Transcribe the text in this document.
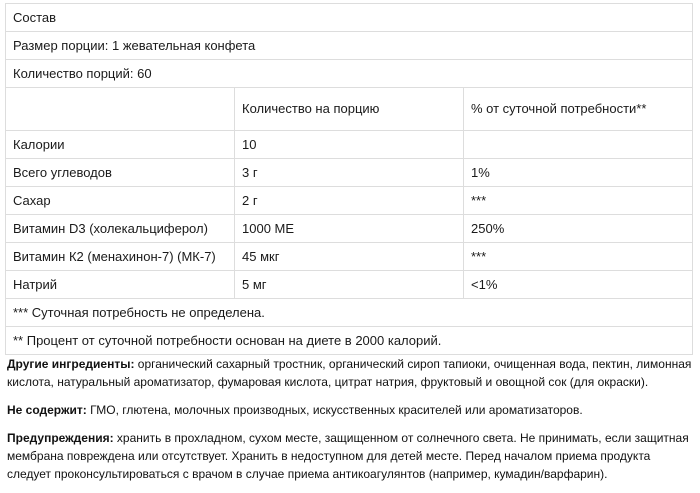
Состав		
Размер порции: 1 жевательная конфета		
Количество порций: 60		
	Количество на порцию	% от суточной потребности**
Калории	10	
Всего углеводов	3 г	1%
Сахар	2 г	***
Витамин D3 (холекальциферол)	1000 МЕ	250%
Витамин К2 (менахинон-7) (МК-7)	45 мкг	***
Натрий	5 мг	<1%
*** Суточная потребность не определена.		
** Процент от суточной потребности основан на диете в 2000 калорий.		

Другие ингредиенты: органический сахарный тростник, органический сироп тапиоки, очищенная вода, пектин, лимонная кислота, натуральный ароматизатор, фумаровая кислота, цитрат натрия, фруктовый и овощной сок (для окраски).

Не содержит: ГМО, глютена, молочных производных, искусственных красителей или ароматизаторов.

Предупреждения: хранить в прохладном, сухом месте, защищенном от солнечного света. Не принимать, если защитная мембрана повреждена или отсутствует. Хранить в недоступном для детей месте. Перед началом приема продукта следует проконсультироваться с врачом в случае приема антикоагулянтов (например, кумадин/варфарин).
